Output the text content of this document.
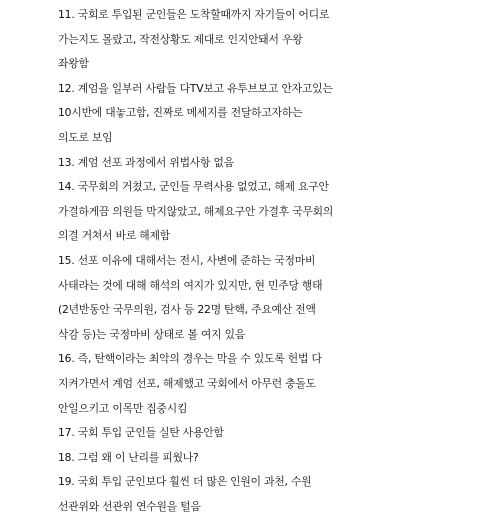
11. 국회로 투입된 군인들은 도착할때까지 자기들이 어디로
가는지도 몰랐고, 작전상황도 제대로 인지안돼서 우왕
좌왕함
12. 계엄을 일부러 사람들 다TV보고 유투브보고 안자고있는
10시반에 대놓고함, 진짜로 메세지를 전달하고자하는
의도로 보임
13. 계엄 선포 과정에서 위법사항 없음
14. 국무회의 거쳤고, 군인들 무력사용 없었고, 해제 요구안
가결하게끔 의원들 막지않았고, 해제요구안 가결후 국무회의
의결 거쳐서 바로 해제함
15. 선포 이유에 대해서는 전시, 사변에 준하는 국정마비
사태라는 것에 대해 해석의 여지가 있지만, 현 민주당 행태
(2년반동안 국무의원, 검사 등 22명 탄핵, 주요예산 전액
삭감 등)는 국정마비 상태로 볼 여지 있음
16. 즉, 탄핵이라는 최악의 경우는 막을 수 있도록 헌법 다
지켜가면서 계엄 선포, 해제했고 국회에서 아무런 충돌도
안일으키고 이목만 집중시킴
17. 국회 투입 군인들 실탄 사용안함
18. 그럼 왜 이 난리를 피웠나?
19. 국회 투입 군인보다 훨씬 더 많은 인원이 과천, 수원
선관위와 선관위 연수원을 털음
